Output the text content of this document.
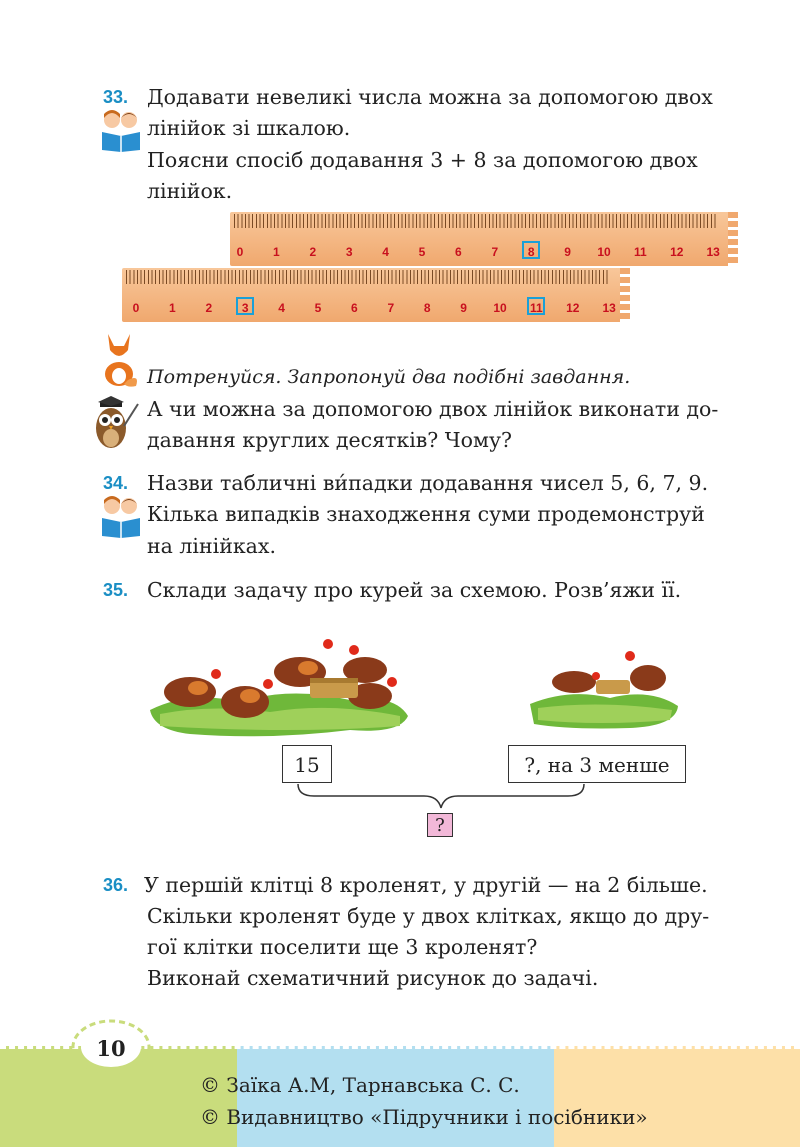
33. Додавати невеликі числа можна за допомогою двох
лінійок зі шкалою.
Поясни спосіб додавання 3 + 8 за допомогою двох
лінійок.
0 1 2 3 4 5 6 7 8 9 10 11 12 13
0 1 2 3 4 5 6 7 8 9 10 11 12 13
Потренуйся. Запропонуй два подібні завдання.
А чи можна за допомогою двох лінійок виконати до-
давання круглих десятків? Чому?
34. Назви табличні ви́падки додавання чисел 5, 6, 7, 9.
Кілька випадків знаходження суми продемонструй
на лінійках.
35. Склади задачу про курей за схемою. Розв’яжи її.
15	?, на 3 менше
?
36. У першій клітці 8 кроленят, у другій — на 2 більше.
Скільки кроленят буде у двох клітках, якщо до дру-
гої клітки поселити ще 3 кроленят?
Виконай схематичний рисунок до задачі.
10
© Заїка А.М, Тарнавська С. С.
© Видавництво «Підручники і посібники»
